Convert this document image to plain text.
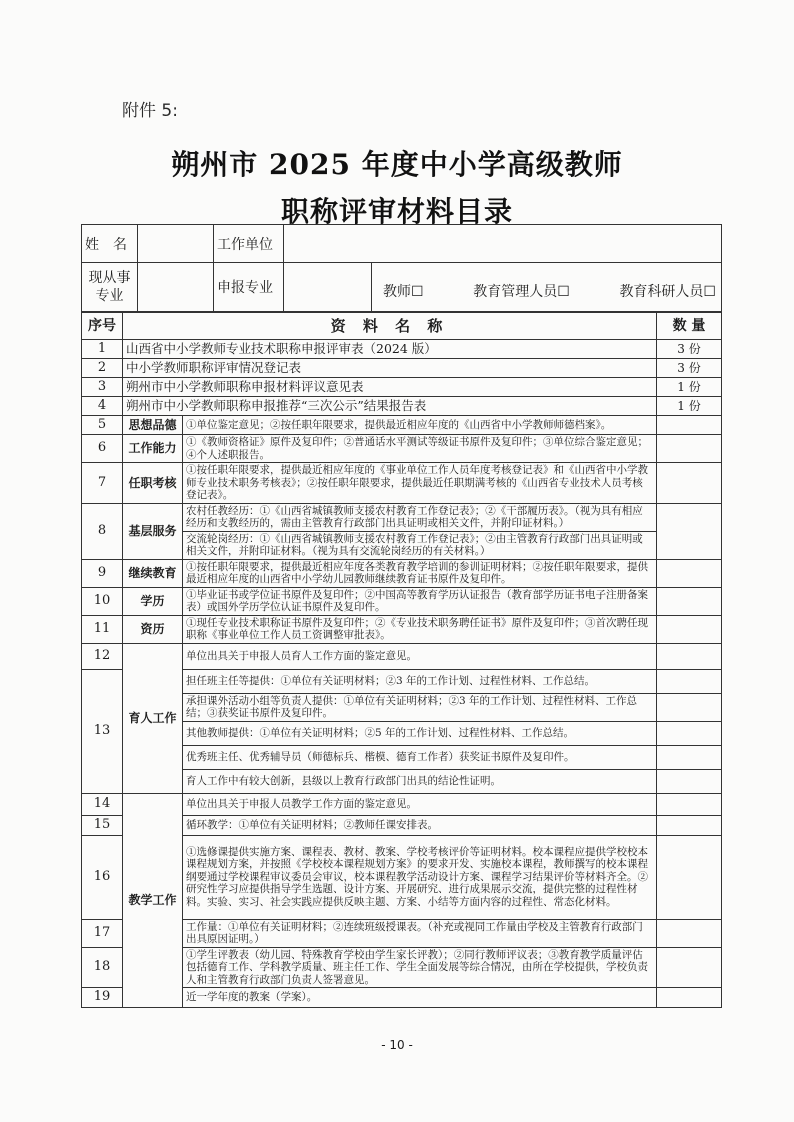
附件 5:
朔州市 2025 年度中小学高级教师
职称评审材料目录
姓　名		工作单位		
现从事专业		申报专业		教师☐ 教育管理人员☐ 教育科研人员☐
序号	资 料 名 称		数 量
1	山西省中小学教师专业技术职称申报评审表（2024 版）		3 份
2	中小学教师职称评审情况登记表		3 份
3	朔州市中小学教师职称申报材料评议意见表		1 份
4	朔州市中小学教师职称申报推荐“三次公示”结果报告表		1 份
5	思想品德	①单位鉴定意见；②按任职年限要求，提供最近相应年度的《山西省中小学教师师德档案》。	
6	工作能力	①《教师资格证》原件及复印件；②普通话水平测试等级证书原件及复印件；③单位综合鉴定意见；④个人述职报告。	
7	任职考核	①按任职年限要求，提供最近相应年度的《事业单位工作人员年度考核登记表》和《山西省中小学教师专业技术职务考核表》；②按任职年限要求，提供最近任职期满考核的《山西省专业技术人员考核登记表》。	
8	基层服务	农村任教经历：①《山西省城镇教师支援农村教育工作登记表》；②《干部履历表》。（视为具有相应经历和支教经历的，需由主管教育行政部门出具证明或相关文件，并附印证材料。）	
		交流轮岗经历：①《山西省城镇教师支援农村教育工作登记表》；②由主管教育行政部门出具证明或相关文件，并附印证材料。（视为具有交流轮岗经历的有关材料。）	
9	继续教育	①按任职年限要求，提供最近相应年度各类教育教学培训的参训证明材料；②按任职年限要求，提供最近相应年度的山西省中小学幼儿园教师继续教育证书原件及复印件。	
10	学历	①毕业证书或学位证书原件及复印件；②中国高等教育学历认证报告（教育部学历证书电子注册备案表）或国外学历学位认证书原件及复印件。	
11	资历	①现任专业技术职称证书原件及复印件；②《专业技术职务聘任证书》原件及复印件；③首次聘任现职称《事业单位工作人员工资调整审批表》。	
12	育人工作	单位出具关于申报人员育人工作方面的鉴定意见。	
13		担任班主任等提供：①单位有关证明材料；②3 年的工作计划、过程性材料、工作总结。	
		承担课外活动小组等负责人提供：①单位有关证明材料；②3 年的工作计划、过程性材料、工作总结；③获奖证书原件及复印件。	
		其他教师提供：①单位有关证明材料；②5 年的工作计划、过程性材料、工作总结。	
		优秀班主任、优秀辅导员（师德标兵、楷模、德育工作者）获奖证书原件及复印件。	
		育人工作中有较大创新，县级以上教育行政部门出具的结论性证明。	
14	教学工作	单位出具关于申报人员教学工作方面的鉴定意见。	
15		循环教学：①单位有关证明材料；②教师任课安排表。	
16		①选修课提供实施方案、课程表、教材、教案、学校考核评价等证明材料。校本课程应提供学校校本课程规划方案，并按照《学校校本课程规划方案》的要求开发、实施校本课程，教师撰写的校本课程纲要通过学校课程审议委员会审议，校本课程教学活动设计方案、课程学习结果评价等材料齐全。②研究性学习应提供指导学生选题、设计方案、开展研究、进行成果展示交流，提供完整的过程性材料。实验、实习、社会实践应提供反映主题、方案、小结等方面内容的过程性、常态化材料。	
17		工作量：①单位有关证明材料；②连续班级授课表。（补充或视同工作量由学校及主管教育行政部门出具原因证明。）	
18		①学生评教表（幼儿园、特殊教育学校由学生家长评教）；②同行教师评议表；③教育教学质量评估包括德育工作、学科教学质量、班主任工作、学生全面发展等综合情况，由所在学校提供，学校负责人和主管教育行政部门负责人签署意见。	
19		近一学年度的教案（学案）。	
- 10 -
